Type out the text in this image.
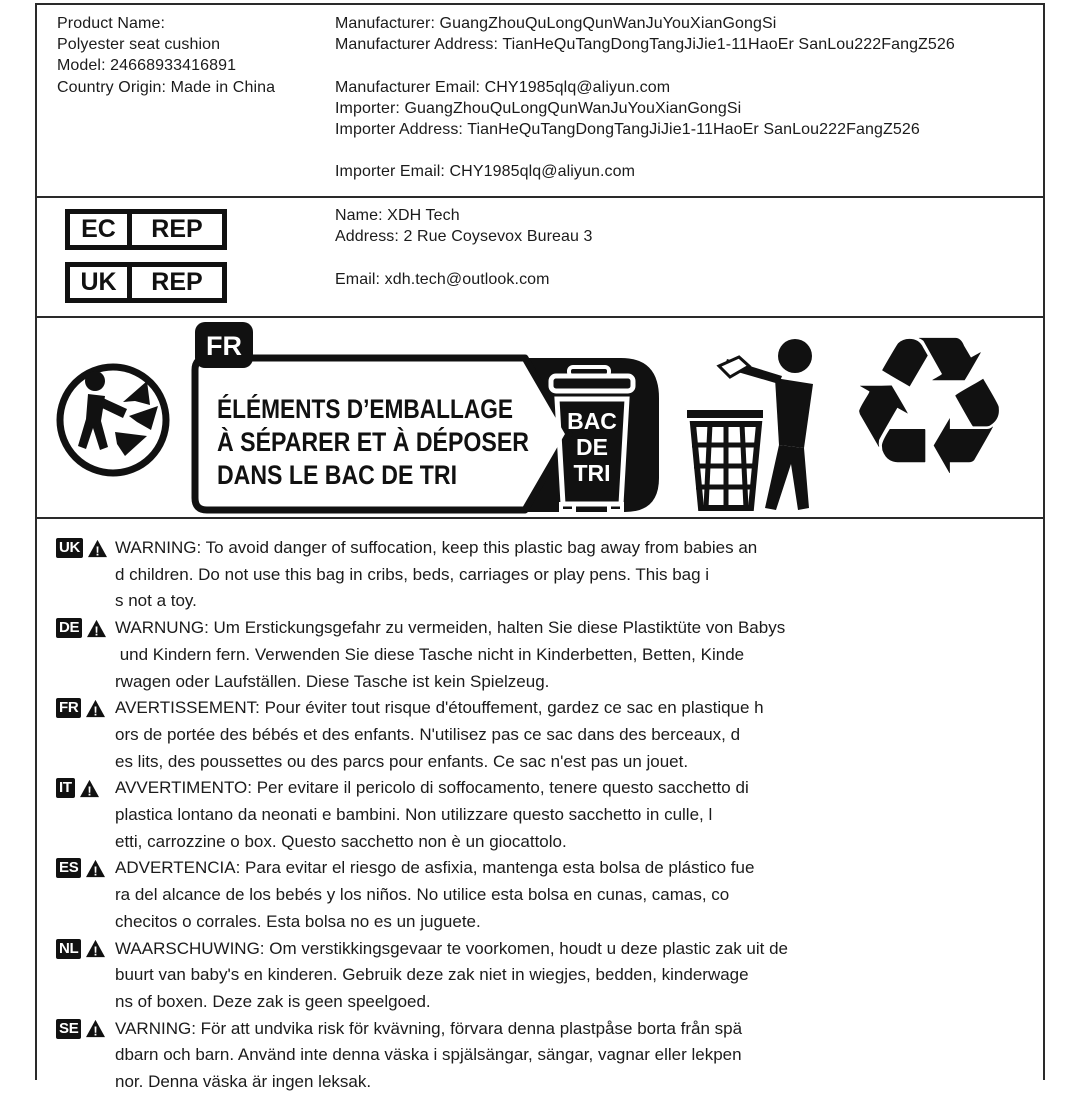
Product Name:
Polyester seat cushion
Model: 24668933416891
Country Origin: Made in China
Manufacturer: GuangZhouQuLongQunWanJuYouXianGongSi
Manufacturer Address: TianHeQuTangDongTangJiJie1-11HaoEr SanLou222FangZ526
Manufacturer Email: CHY1985qlq@aliyun.com
Importer: GuangZhouQuLongQunWanJuYouXianGongSi
Importer Address: TianHeQuTangDongTangJiJie1-11HaoEr SanLou222FangZ526
Importer Email: CHY1985qlq@aliyun.com
EC	REP
UK	REP
Name: XDH Tech
Address: 2 Rue Coysevox Bureau 3
Email: xdh.tech@outlook.com
FR
ÉLÉMENTS D’EMBALLAGE
À SÉPARER ET À DÉPOSER
DANS LE BAC DE TRI
BAC
DE
TRI ♻
UK ! WARNING: To avoid danger of suffocation, keep this plastic bag away from babies an
d children. Do not use this bag in cribs, beds, carriages or play pens. This bag i
s not a toy.
DE ! WARNUNG: Um Erstickungsgefahr zu vermeiden, halten Sie diese Plastiktüte von Babys
und Kindern fern. Verwenden Sie diese Tasche nicht in Kinderbetten, Betten, Kinde
rwagen oder Laufställen. Diese Tasche ist kein Spielzeug.
FR ! AVERTISSEMENT: Pour éviter tout risque d'étouffement, gardez ce sac en plastique h
ors de portée des bébés et des enfants. N'utilisez pas ce sac dans des berceaux, d
es lits, des poussettes ou des parcs pour enfants. Ce sac n'est pas un jouet.
IT ! AVVERTIMENTO: Per evitare il pericolo di soffocamento, tenere questo sacchetto di
plastica lontano da neonati e bambini. Non utilizzare questo sacchetto in culle, l
etti, carrozzine o box. Questo sacchetto non è un giocattolo.
ES ! ADVERTENCIA: Para evitar el riesgo de asfixia, mantenga esta bolsa de plástico fue
ra del alcance de los bebés y los niños. No utilice esta bolsa en cunas, camas, co
checitos o corrales. Esta bolsa no es un juguete.
NL ! WAARSCHUWING: Om verstikkingsgevaar te voorkomen, houdt u deze plastic zak uit de
buurt van baby's en kinderen. Gebruik deze zak niet in wiegjes, bedden, kinderwage
ns of boxen. Deze zak is geen speelgoed.
SE ! VARNING: För att undvika risk för kvävning, förvara denna plastpåse borta från spä
dbarn och barn. Använd inte denna väska i spjälsängar, sängar, vagnar eller lekpen
nor. Denna väska är ingen leksak.
